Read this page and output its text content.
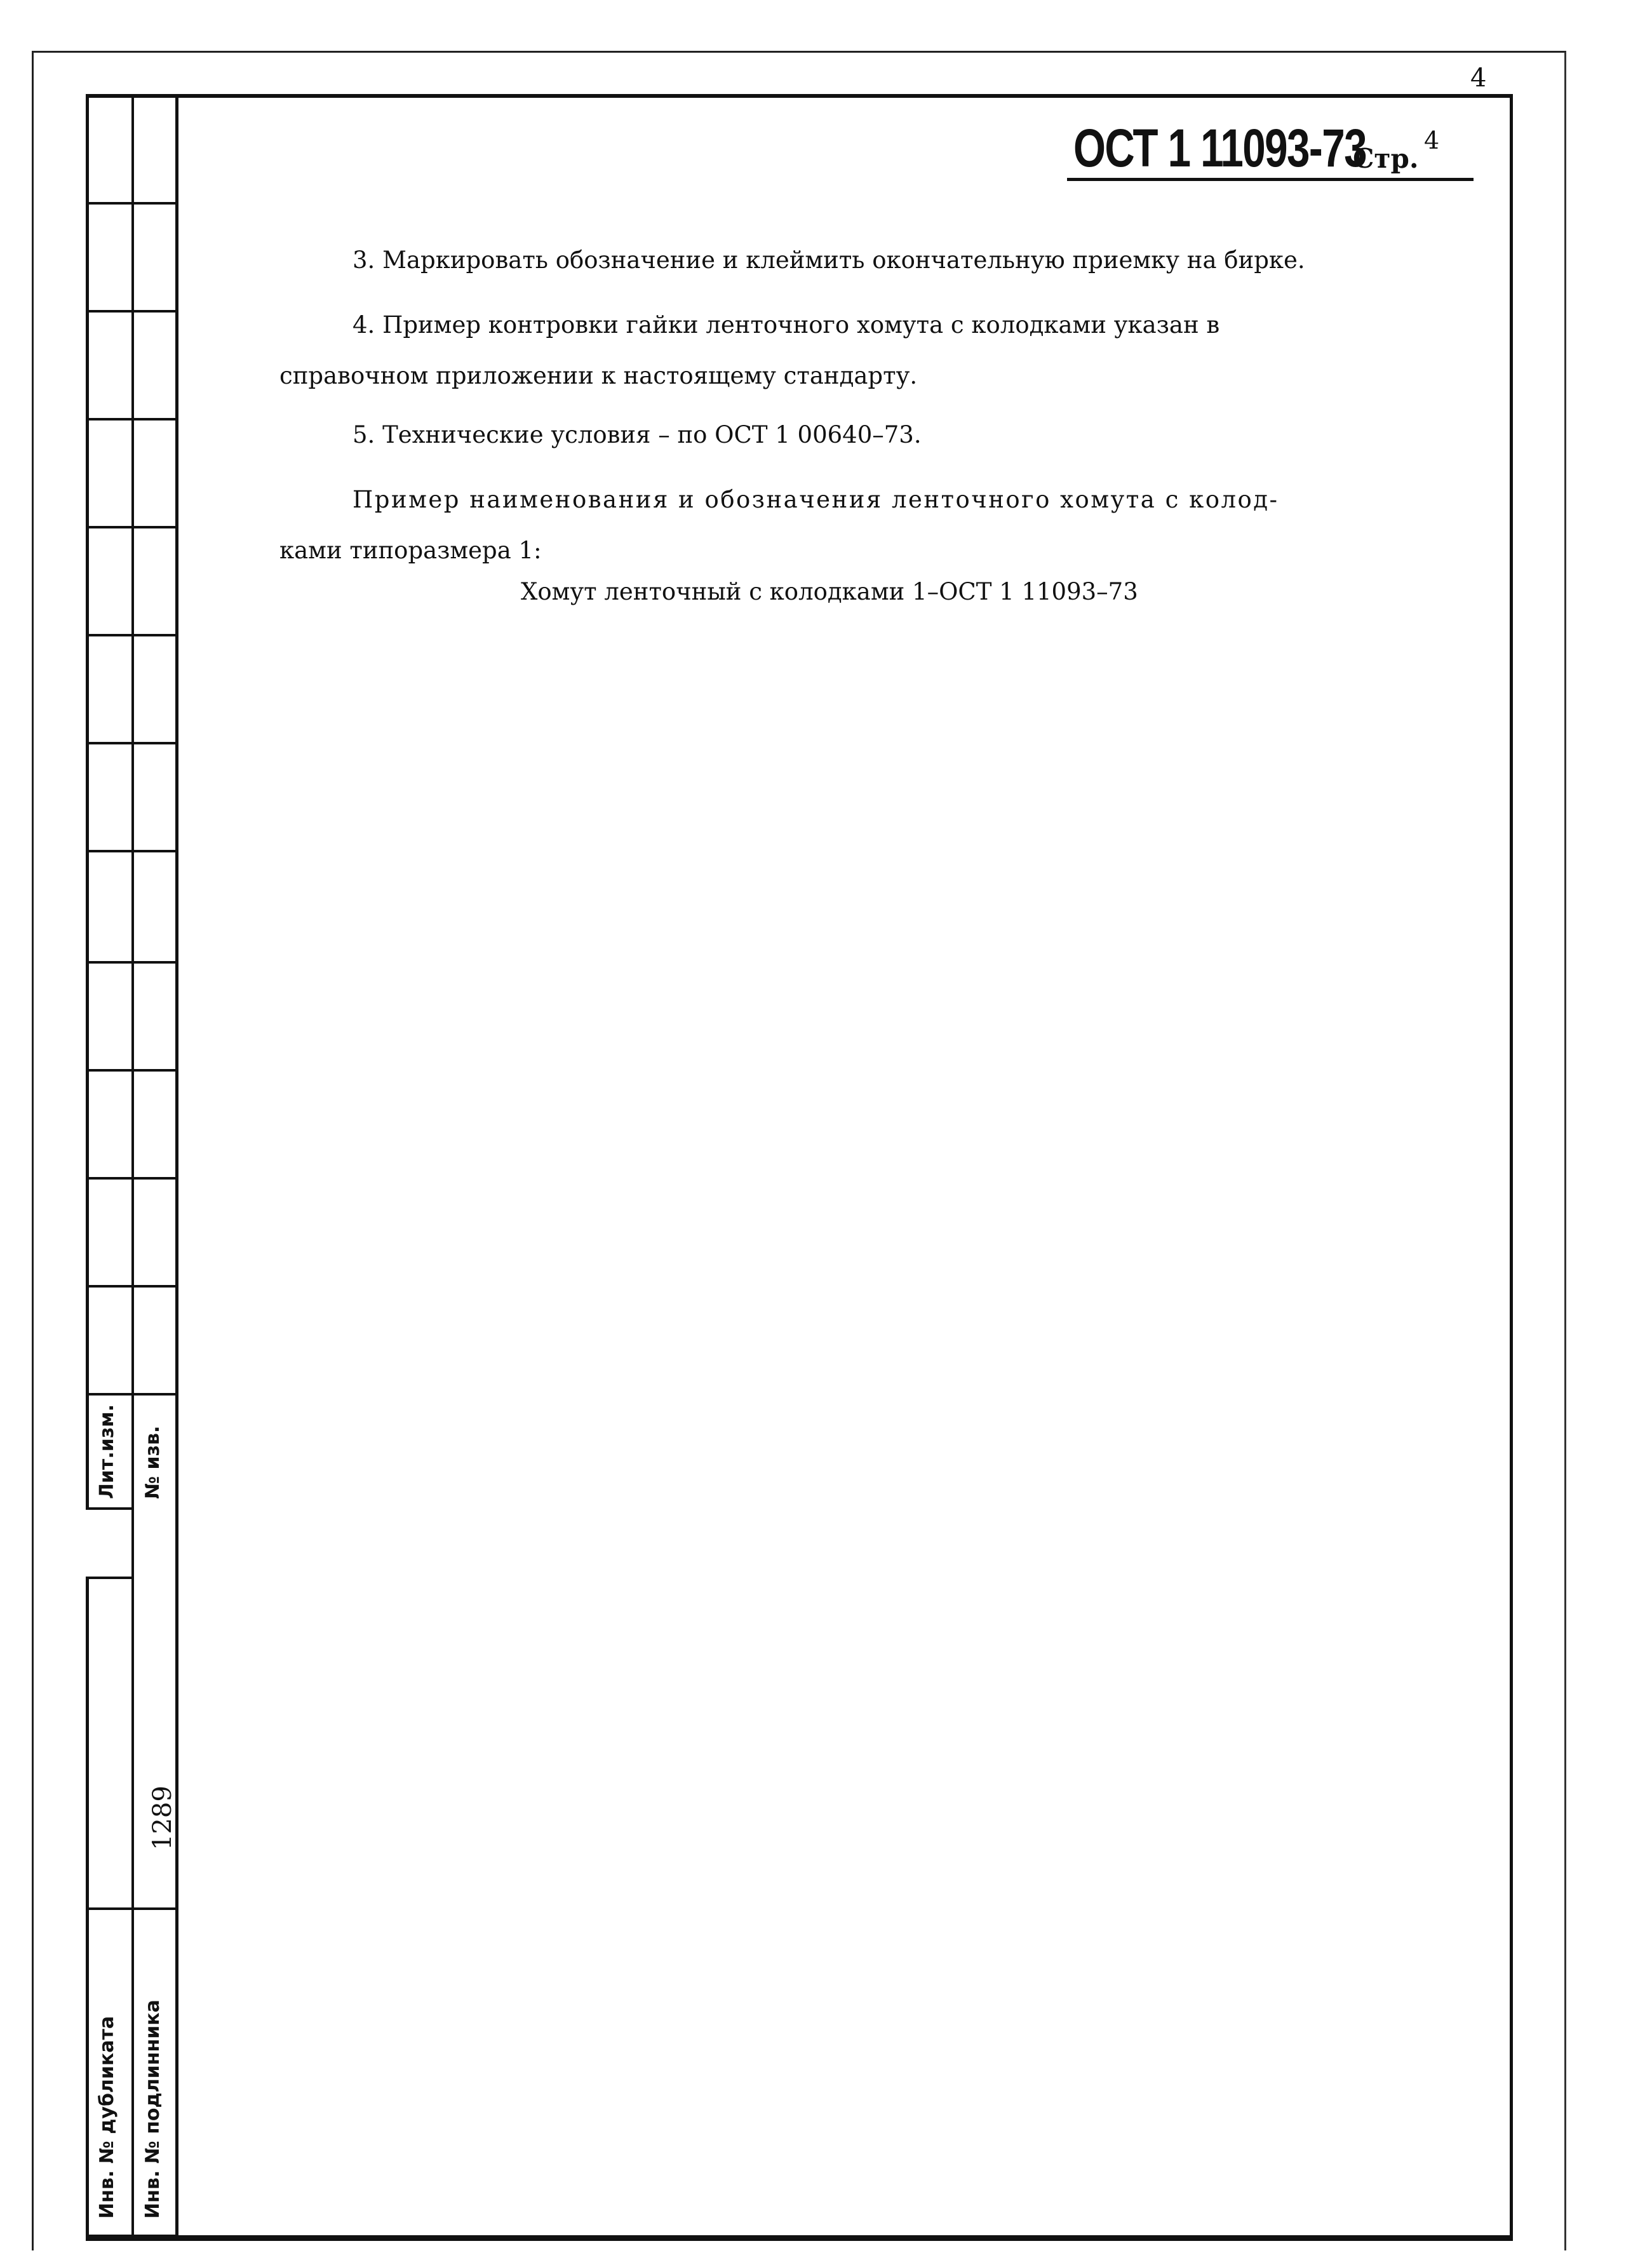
4
Лит.изм. № изв.
1289
Инв. № дубликата Инв. № подлинника
ОСТ 1 11093-73
Стр.
4
3. Маркировать обозначение и клеймить окончательную приемку на бирке.
4. Пример контровки гайки ленточного хомута с колодками указан в
справочном приложении к настоящему стандарту.
5. Технические условия – по ОСТ 1 00640–73.
Пример наименования и обозначения ленточного хомута с колод-
ками типоразмера 1:
Хомут ленточный с колодками 1–ОСТ 1 11093–73
